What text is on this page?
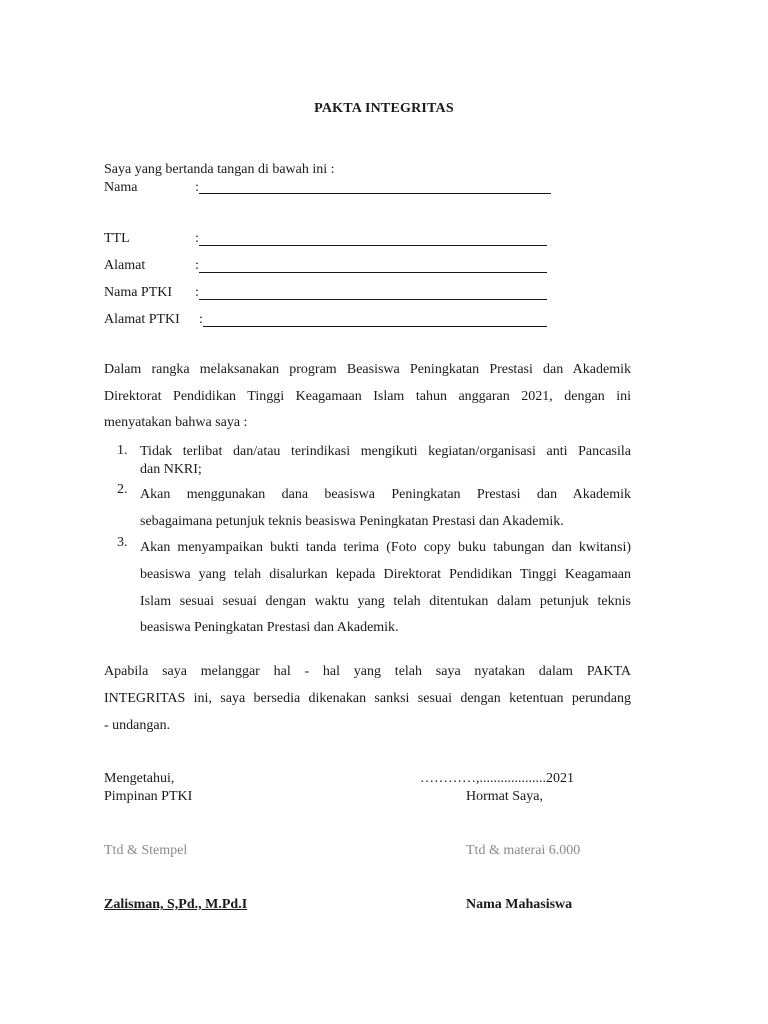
PAKTA INTEGRITAS
Saya yang bertanda tangan di bawah ini :
Nama	:
TTL	:
Alamat	:
Nama PTKI :
Alamat PTKI :
Dalam rangka melaksanakan program Beasiswa Peningkatan Prestasi dan Akademik
Direktorat Pendidikan Tinggi Keagamaan Islam tahun anggaran 2021, dengan ini
menyatakan bahwa saya :
1. Tidak terlibat dan/atau terindikasi mengikuti kegiatan/organisasi anti Pancasila
dan NKRI;
2. Akan menggunakan dana beasiswa Peningkatan Prestasi dan Akademik
sebagaimana petunjuk teknis beasiswa Peningkatan Prestasi dan Akademik.
3. Akan menyampaikan bukti tanda terima (Foto copy buku tabungan dan kwitansi)
beasiswa yang telah disalurkan kepada Direktorat Pendidikan Tinggi Keagamaan
Islam sesuai sesuai dengan waktu yang telah ditentukan dalam petunjuk teknis
beasiswa Peningkatan Prestasi dan Akademik.
Apabila saya melanggar hal - hal yang telah saya nyatakan dalam PAKTA
INTEGRITAS ini, saya bersedia dikenakan sanksi sesuai dengan ketentuan perundang
- undangan.
Mengetahui,
Pimpinan PTKI
Ttd & Stempel
Zalisman, S,Pd., M.Pd.I
…………,...................2021
Hormat Saya,
Ttd & materai 6.000
Nama Mahasiswa
